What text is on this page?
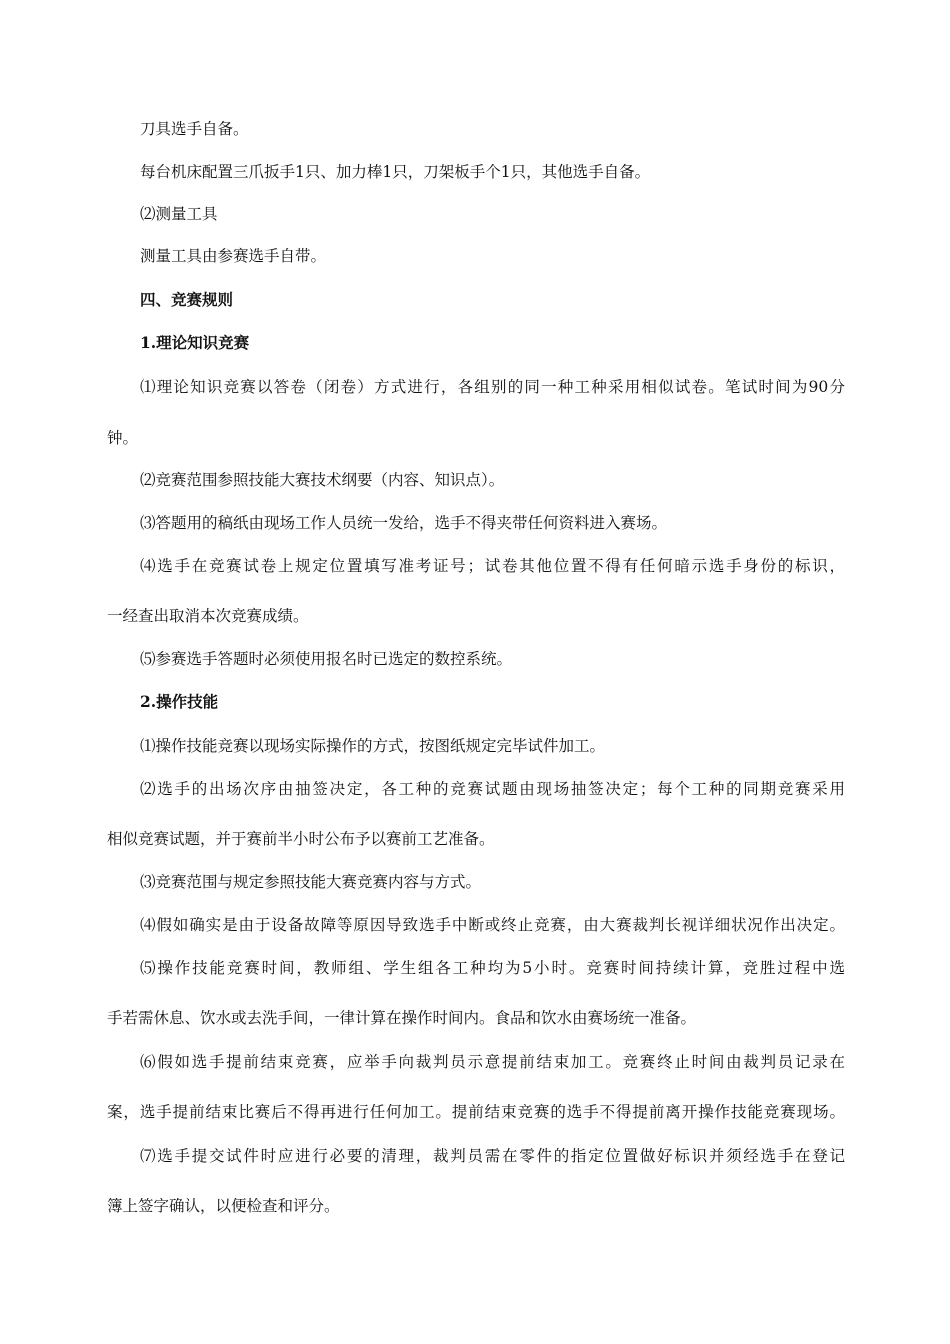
刀具选手自备。
每台机床配置三爪扳手1只、加力棒1只，刀架板手个1只，其他选手自备。
⑵测量工具
测量工具由参赛选手自带。
四、竞赛规则
1.理论知识竞赛
⑴理论知识竞赛以答卷（闭卷）方式进行，各组别的同一种工种采用相似试卷。笔试时间为90分
钟。
⑵竞赛范围参照技能大赛技术纲要（内容、知识点）。
⑶答题用的稿纸由现场工作人员统一发给，选手不得夹带任何资料进入赛场。
⑷选手在竞赛试卷上规定位置填写准考证号；试卷其他位置不得有任何暗示选手身份的标识，
一经查出取消本次竞赛成绩。
⑸参赛选手答题时必须使用报名时已选定的数控系统。
2.操作技能
⑴操作技能竞赛以现场实际操作的方式，按图纸规定完毕试件加工。
⑵选手的出场次序由抽签决定，各工种的竞赛试题由现场抽签决定；每个工种的同期竞赛采用
相似竞赛试题，并于赛前半小时公布予以赛前工艺准备。
⑶竞赛范围与规定参照技能大赛竞赛内容与方式。
⑷假如确实是由于设备故障等原因导致选手中断或终止竞赛，由大赛裁判长视详细状况作出决定。
⑸操作技能竞赛时间，教师组、学生组各工种均为5小时。竞赛时间持续计算，竞胜过程中选
手若需休息、饮水或去洗手间，一律计算在操作时间内。食品和饮水由赛场统一准备。
⑹假如选手提前结束竞赛，应举手向裁判员示意提前结束加工。竞赛终止时间由裁判员记录在
案，选手提前结束比赛后不得再进行任何加工。提前结束竞赛的选手不得提前离开操作技能竞赛现场。
⑺选手提交试件时应进行必要的清理，裁判员需在零件的指定位置做好标识并须经选手在登记
簿上签字确认，以便检查和评分。
